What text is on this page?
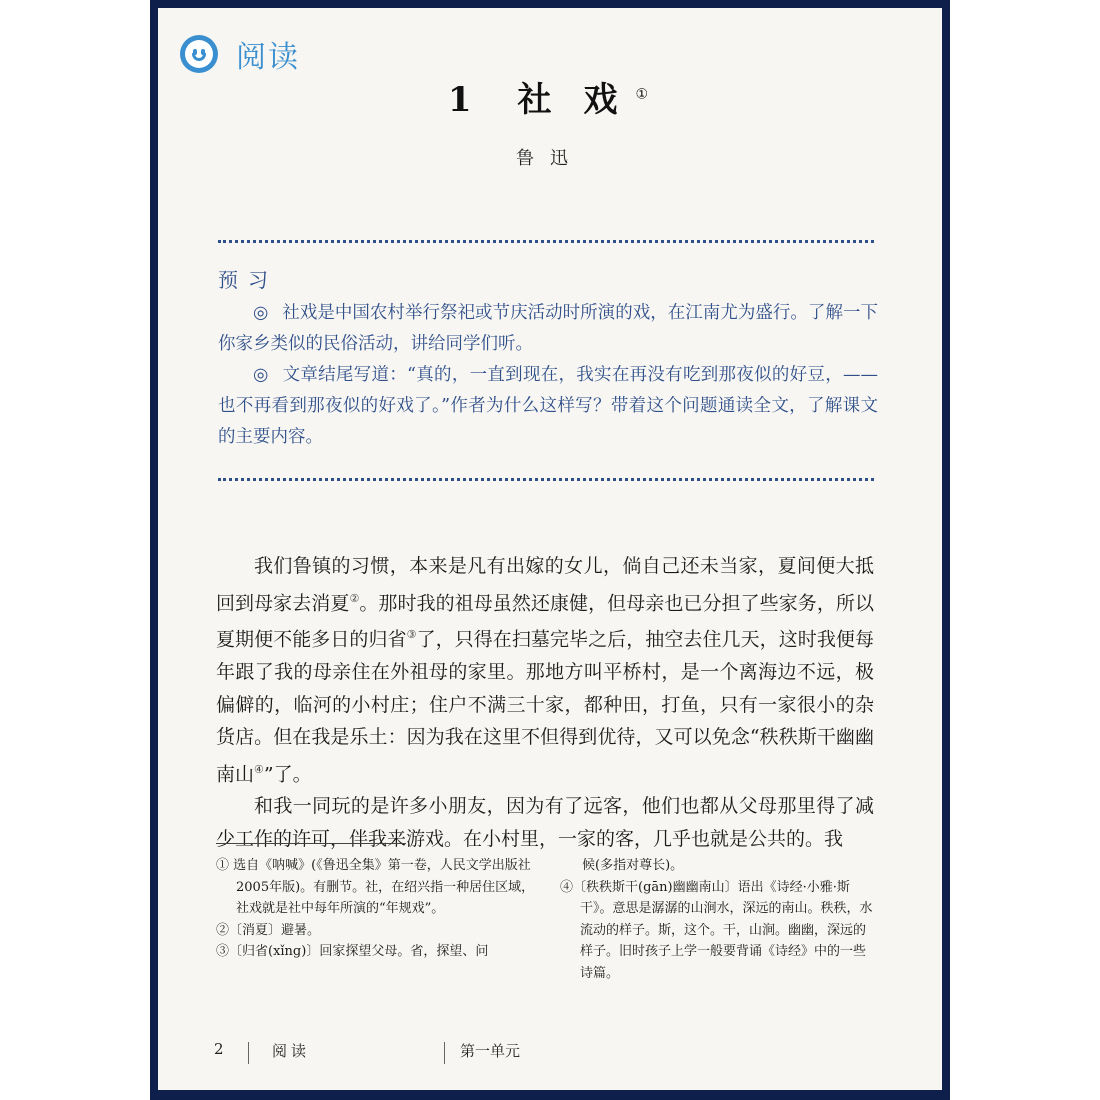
阅读
1 社 戏 ①
鲁迅
预习

◎ 社戏是中国农村举行祭祀或节庆活动时所演的戏，在江南尤为盛行。了解一下你家乡类似的民俗活动，讲给同学们听。

◎ 文章结尾写道：“真的，一直到现在，我实在再没有吃到那夜似的好豆，——也不再看到那夜似的好戏了。”作者为什么这样写？带着这个问题通读全文，了解课文的主要内容。

我们鲁镇的习惯，本来是凡有出嫁的女儿，倘自己还未当家，夏间便大抵回到母家去消夏②。那时我的祖母虽然还康健，但母亲也已分担了些家务，所以夏期便不能多日的归省③了，只得在扫墓完毕之后，抽空去住几天，这时我便每年跟了我的母亲住在外祖母的家里。那地方叫平桥村，是一个离海边不远，极偏僻的，临河的小村庄；住户不满三十家，都种田，打鱼，只有一家很小的杂货店。但在我是乐土：因为我在这里不但得到优待，又可以免念“秩秩斯干幽幽南山④”了。

和我一同玩的是许多小朋友，因为有了远客，他们也都从父母那里得了减少工作的许可，伴我来游戏。在小村里，一家的客，几乎也就是公共的。我

① 选自《呐喊》(《鲁迅全集》第一卷，人民文学出版社2005年版)。有删节。社，在绍兴指一种居住区域，社戏就是社中每年所演的“年规戏”。

②〔消夏〕避暑。

③〔归省(xǐng)〕回家探望父母。省，探望、问

候(多指对尊长)。

④〔秩秩斯干(gān)幽幽南山〕语出《诗经·小雅·斯干》。意思是潺潺的山涧水，深远的南山。秩秩，水流动的样子。斯，这个。干，山涧。幽幽，深远的样子。旧时孩子上学一般要背诵《诗经》中的一些诗篇。

2	阅读	第一单元
